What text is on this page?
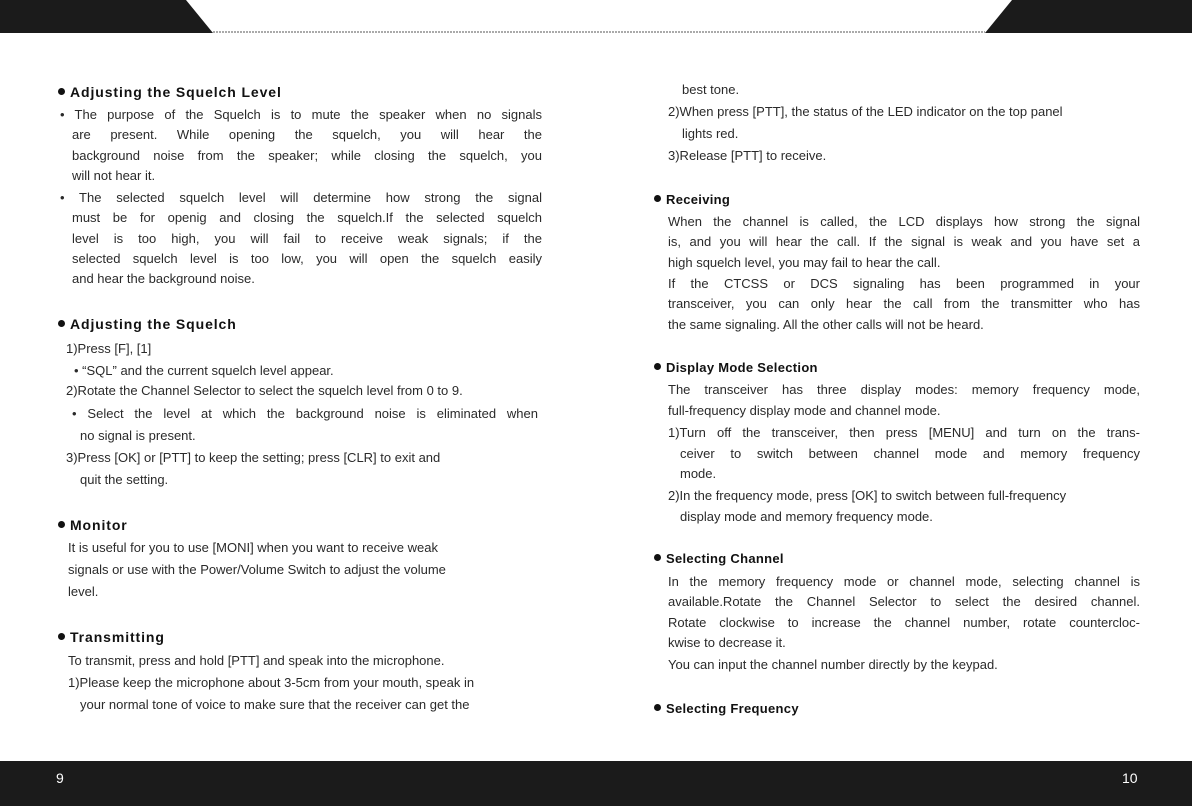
Adjusting the Squelch Level
• The purpose of the Squelch is to mute the speaker when no signals
are present. While opening the squelch, you will hear the
background noise from the speaker; while closing the squelch, you
will not hear it.
• The selected squelch level will determine how strong the signal
must be for openig and closing the squelch.If the selected squelch
level is too high, you will fail to receive weak signals; if the
selected squelch level is too low, you will open the squelch easily
and hear the background noise.
Adjusting the Squelch
1)Press [F], [1]
• “SQL” and the current squelch level appear.
2)Rotate the Channel Selector to select the squelch level from 0 to 9.
• Select the level at which the background noise is eliminated when
no signal is present.
3)Press [OK] or [PTT] to keep the setting; press [CLR] to exit and
quit the setting.
Monitor
It is useful for you to use [MONI] when you want to receive weak
signals or use with the Power/Volume Switch to adjust the volume
level.
Transmitting
To transmit, press and hold [PTT] and speak into the microphone.
1)Please keep the microphone about 3-5cm from your mouth, speak in
your normal tone of voice to make sure that the receiver can get the
best tone.
2)When press [PTT], the status of the LED indicator on the top panel
lights red.
3)Release [PTT] to receive.
Receiving
When the channel is called, the LCD displays how strong the signal
is, and you will hear the call. If the signal is weak and you have set a
high squelch level, you may fail to hear the call.
If the CTCSS or DCS signaling has been programmed in your
transceiver, you can only hear the call from the transmitter who has
the same signaling. All the other calls will not be heard.
Display Mode Selection
The transceiver has three display modes: memory frequency mode,
full-frequency display mode and channel mode.
1)Turn off the transceiver, then press [MENU] and turn on the trans-
ceiver to switch between channel mode and memory frequency
mode.
2)In the frequency mode, press [OK] to switch between full-frequency
display mode and memory frequency mode.
Selecting Channel
In the memory frequency mode or channel mode, selecting channel is
available.Rotate the Channel Selector to select the desired channel.
Rotate clockwise to increase the channel number, rotate countercloc-
kwise to decrease it.
You can input the channel number directly by the keypad.
Selecting Frequency
9	10
